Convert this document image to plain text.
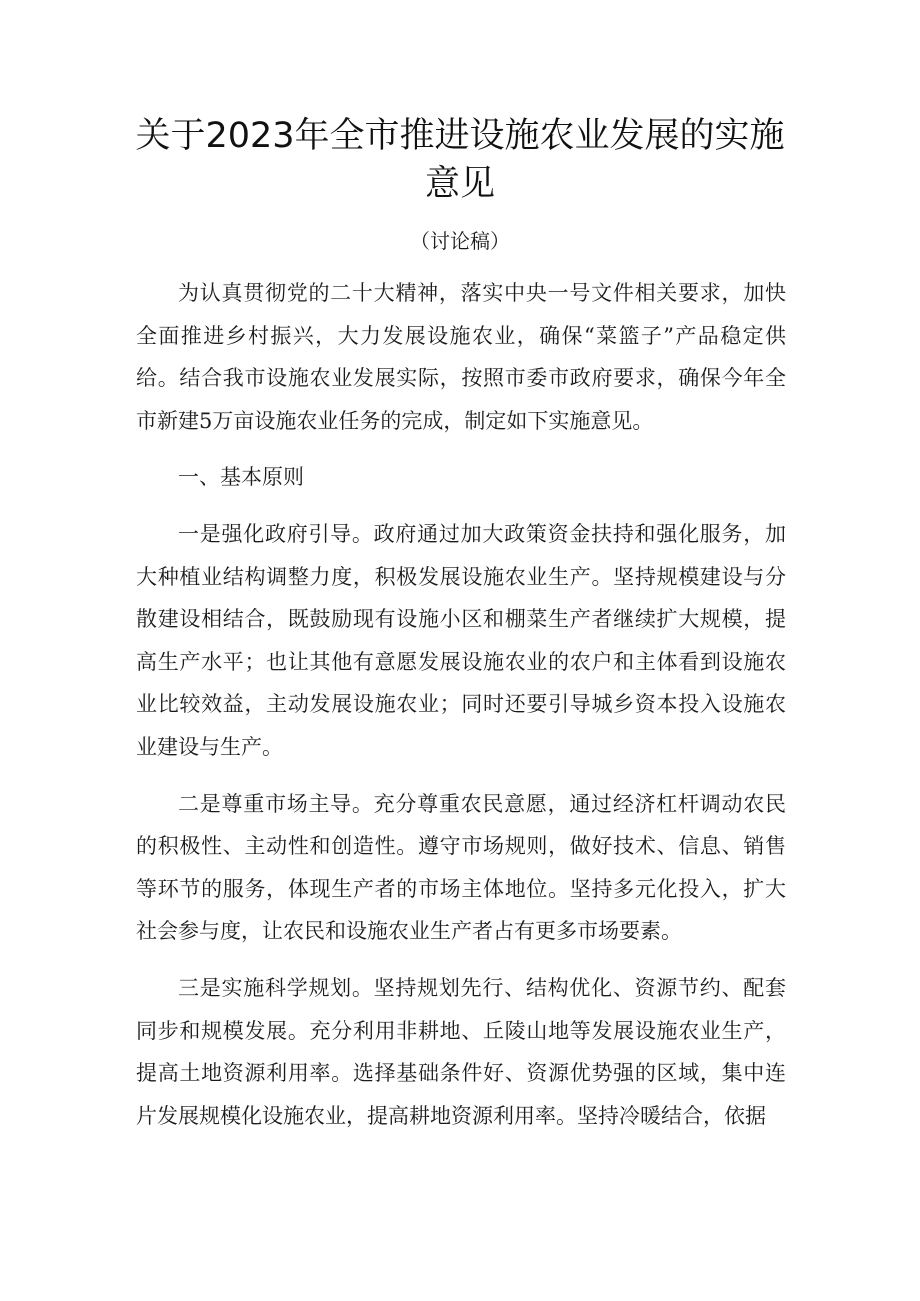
关于2023年全市推进设施农业发展的实施意见
（讨论稿）

为认真贯彻党的二十大精神，落实中央一号文件相关要求，加快全面推进乡村振兴，大力发展设施农业，确保“菜篮子”产品稳定供给。结合我市设施农业发展实际，按照市委市政府要求，确保今年全市新建5万亩设施农业任务的完成，制定如下实施意见。

一、基本原则

一是强化政府引导。政府通过加大政策资金扶持和强化服务，加大种植业结构调整力度，积极发展设施农业生产。坚持规模建设与分散建设相结合，既鼓励现有设施小区和棚菜生产者继续扩大规模，提高生产水平；也让其他有意愿发展设施农业的农户和主体看到设施农业比较效益，主动发展设施农业；同时还要引导城乡资本投入设施农业建设与生产。

二是尊重市场主导。充分尊重农民意愿，通过经济杠杆调动农民的积极性、主动性和创造性。遵守市场规则，做好技术、信息、销售等环节的服务，体现生产者的市场主体地位。坚持多元化投入，扩大社会参与度，让农民和设施农业生产者占有更多市场要素。

三是实施科学规划。坚持规划先行、结构优化、资源节约、配套同步和规模发展。充分利用非耕地、丘陵山地等发展设施农业生产，提高土地资源利用率。选择基础条件好、资源优势强的区域，集中连片发展规模化设施农业，提高耕地资源利用率。坚持冷暖结合，依据
